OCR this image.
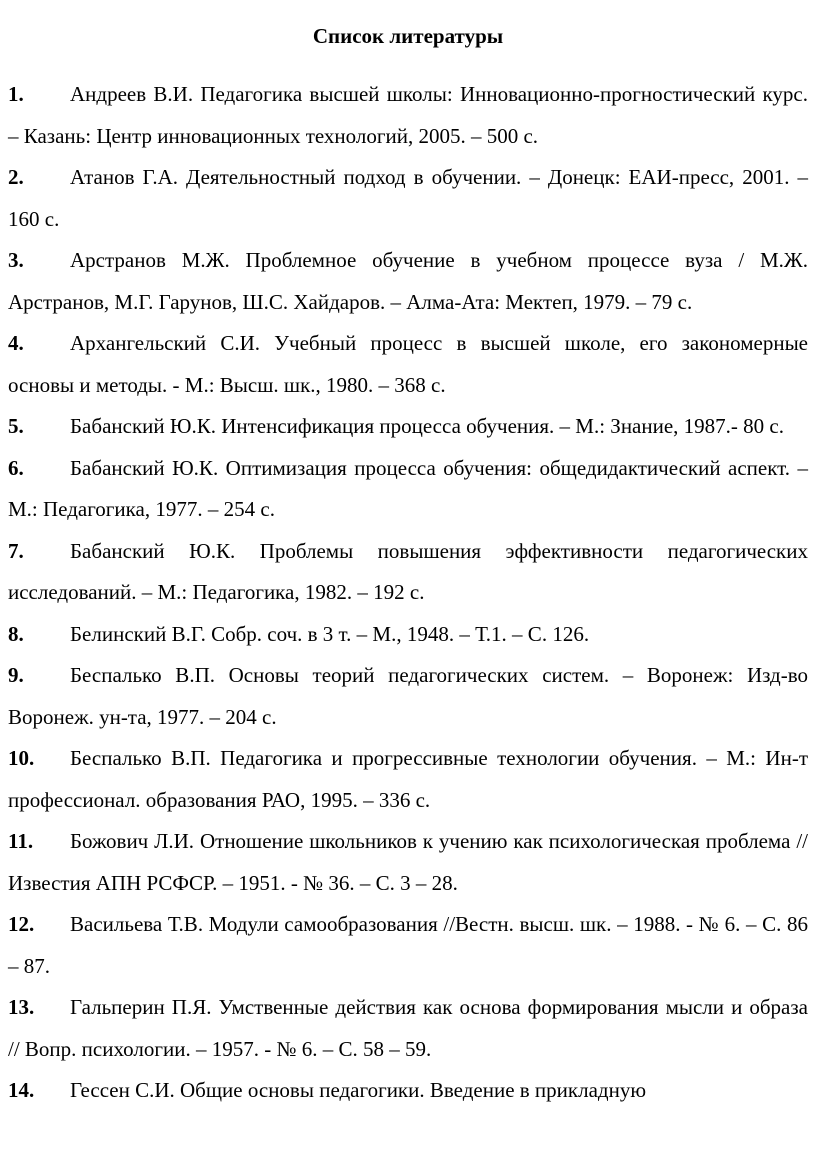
Список литературы
1. Андреев В.И. Педагогика высшей школы: Инновационно-прогностический курс. – Казань: Центр инновационных технологий, 2005. – 500 с.
2. Атанов Г.А. Деятельностный подход в обучении. – Донецк: ЕАИ-пресс, 2001. – 160 с.
3. Арстранов М.Ж. Проблемное обучение в учебном процессе вуза / М.Ж. Арстранов, М.Г. Гарунов, Ш.С. Хайдаров. – Алма-Ата: Мектеп, 1979. – 79 с.
4. Архангельский С.И. Учебный процесс в высшей школе, его закономерные основы и методы. - М.: Высш. шк., 1980. – 368 с.
5. Бабанский Ю.К. Интенсификация процесса обучения. – М.: Знание, 1987.- 80 с.
6. Бабанский Ю.К. Оптимизация процесса обучения: общедидактический аспект. – М.: Педагогика, 1977. – 254 с.
7. Бабанский Ю.К. Проблемы повышения эффективности педагогических исследований. – М.: Педагогика, 1982. – 192 с.
8. Белинский В.Г. Собр. соч. в 3 т. – М., 1948. – Т.1. – С. 126.
9. Беспалько В.П. Основы теорий педагогических систем. – Воронеж: Изд-во Воронеж. ун-та, 1977. – 204 с.
10. Беспалько В.П. Педагогика и прогрессивные технологии обучения. – М.: Ин-т профессионал. образования РАО, 1995. – 336 с.
11. Божович Л.И. Отношение школьников к учению как психологическая проблема // Известия АПН РСФСР. – 1951. - № 36. – С. 3 – 28.
12. Васильева Т.В. Модули самообразования //Вестн. высш. шк. – 1988. - № 6. – С. 86 – 87.
13. Гальперин П.Я. Умственные действия как основа формирования мысли и образа // Вопр. психологии. – 1957. - № 6. – С. 58 – 59.
14. Гессен С.И. Общие основы педагогики. Введение в прикладную
